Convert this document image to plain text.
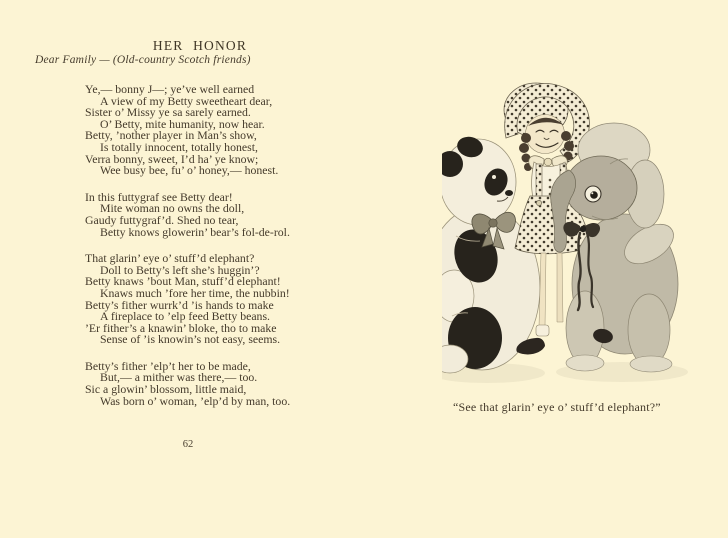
HER HONOR
Dear Family — (Old-country Scotch friends)
Ye,— bonny J—; ye’ve well earned
A view of my Betty sweetheart dear,
Sister o’ Missy ye sa sarely earned.
O’ Betty, mite humanity, now hear.
Betty, ’nother player in Man’s show,
Is totally innocent, totally honest,
Verra bonny, sweet, I’d ha’ ye know;
Wee busy bee, fu’ o’ honey,— honest.
In this futtygraf see Betty dear!
Mite woman no owns the doll,
Gaudy futtygraf’d. Shed no tear,
Betty knows glowerin’ bear’s fol-de-rol.
That glarin’ eye o’ stuff’d elephant?
Doll to Betty’s left she’s huggin’?
Betty knaws ’bout Man, stuff’d elephant!
Knaws much ’fore her time, the nubbin!
Betty’s fither wurrk’d ’is hands to make
A fireplace to ’elp feed Betty beans.
’Er fither’s a knawin’ bloke, tho to make
Sense of ’is knowin’s not easy, seems.
Betty’s fither ’elp’t her to be made,
But,— a mither was there,— too.
Sic a glowin’ blossom, little maid,
Was born o’ woman, ’elp’d by man, too.
62
“See that glarin’ eye o’ stuff’d elephant?”
